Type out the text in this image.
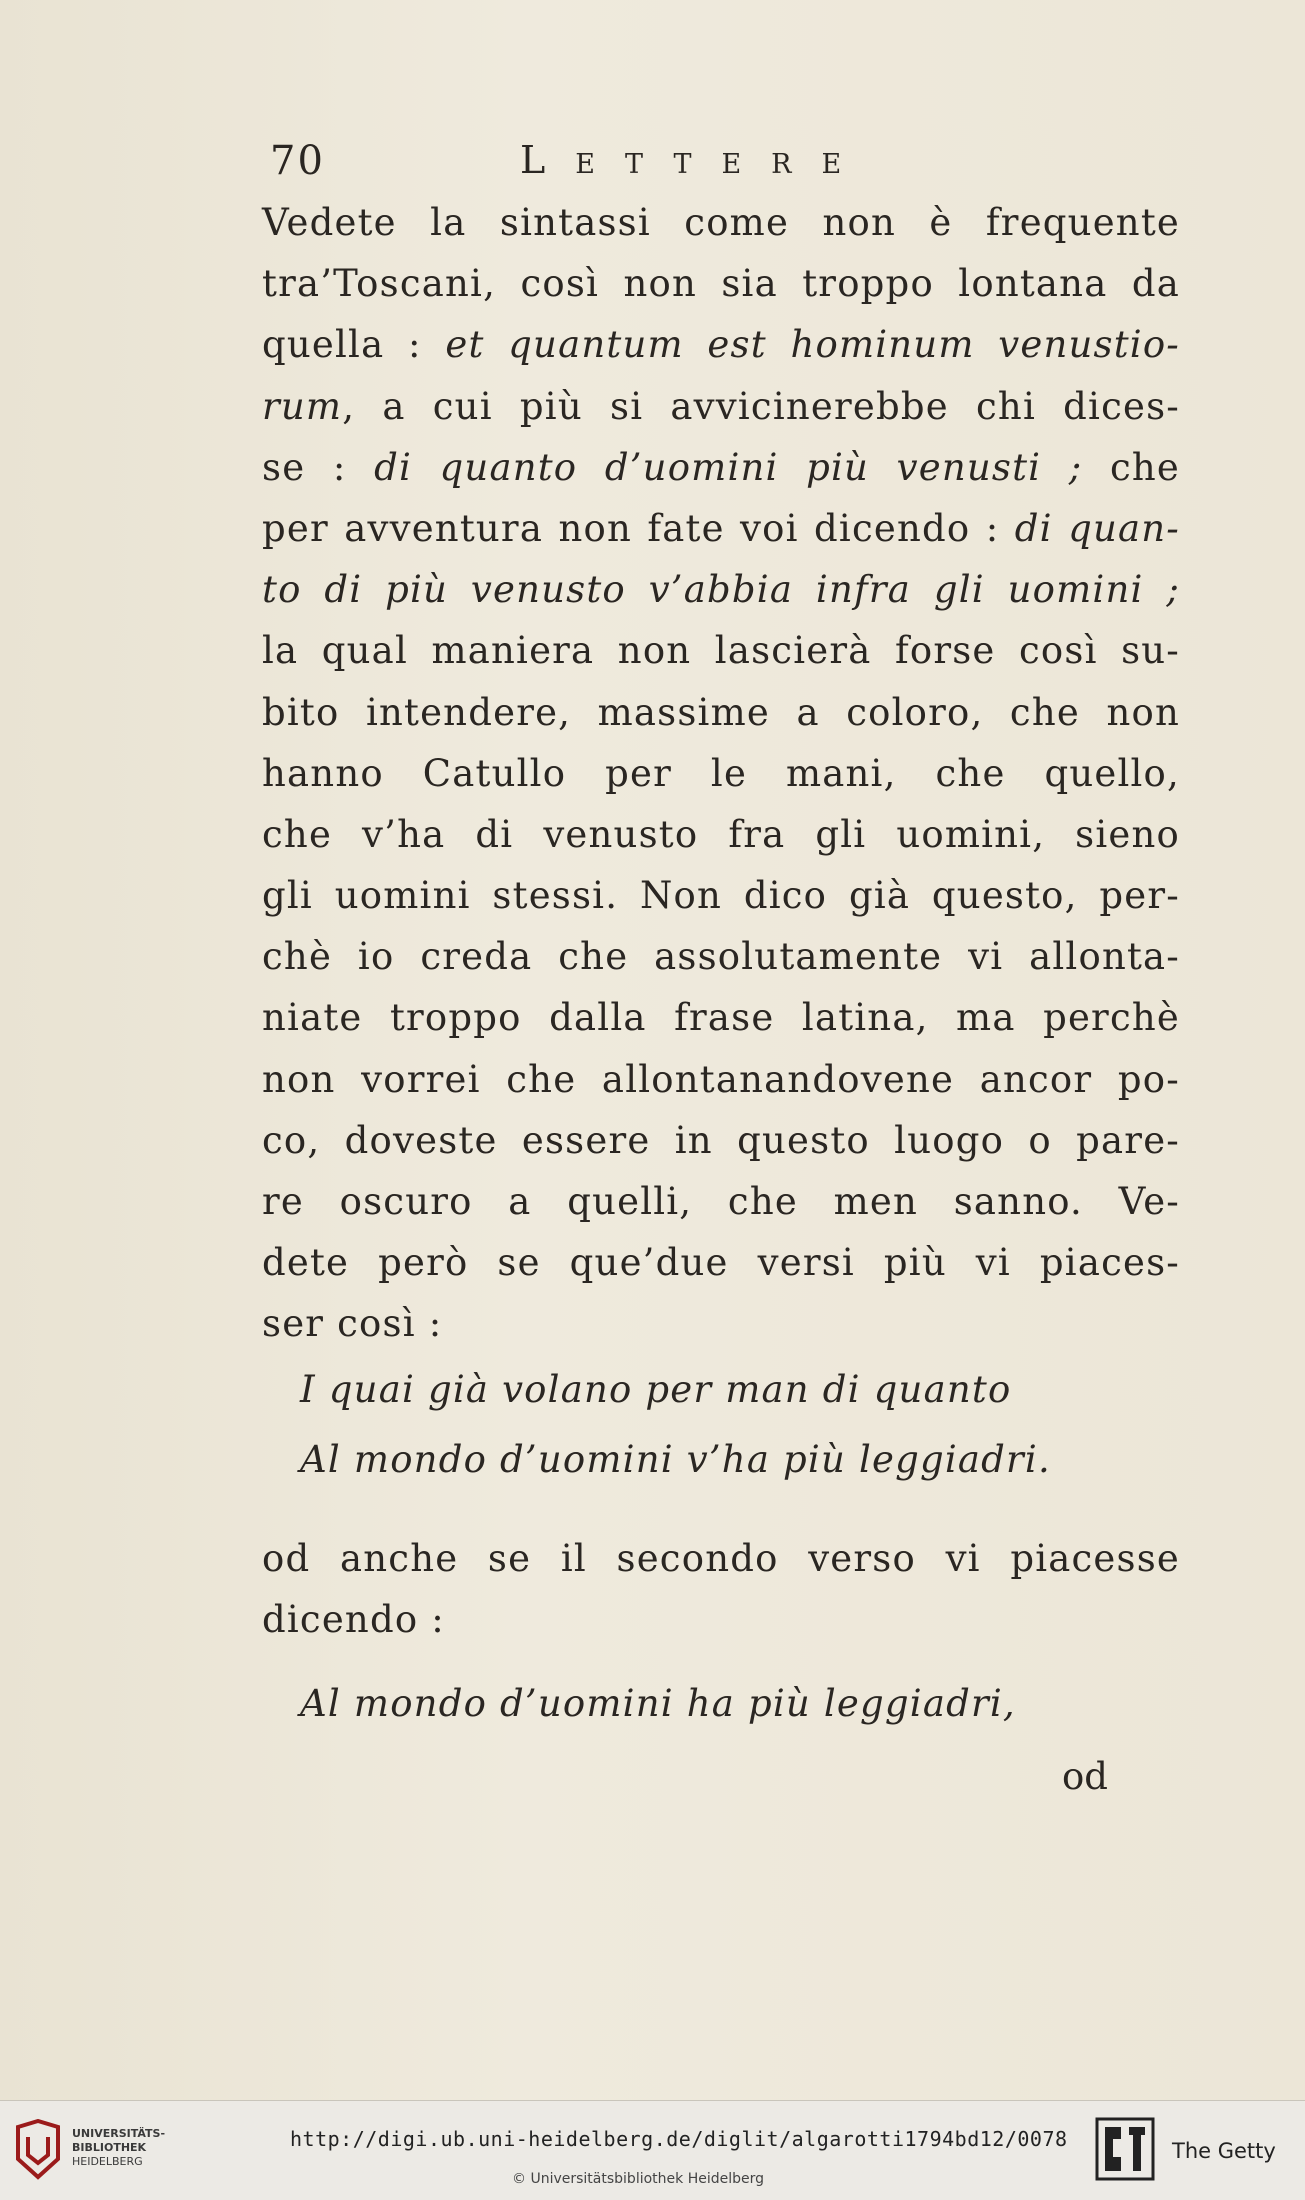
70	Lettere
Vedete la sintassi come non è frequente
tra’Toscani, così non sia troppo lontana da
quella : et quantum est hominum venustio-
rum, a cui più si avvicinerebbe chi dices-
se : di quanto d’uomini più venusti ; che
per avventura non fate voi dicendo : di quan-
to di più venusto v’abbia infra gli uomini ;
la qual maniera non lascierà forse così su-
bito intendere, massime a coloro, che non
hanno Catullo per le mani, che quello,
che v’ha di venusto fra gli uomini, sieno
gli uomini stessi. Non dico già questo, per-
chè io creda che assolutamente vi allonta-
niate troppo dalla frase latina, ma perchè
non vorrei che allontanandovene ancor po-
co, doveste essere in questo luogo o pare-
re oscuro a quelli, che men sanno. Ve-
dete però se que’due versi più vi piaces-
ser così :
I quai già volano per man di quanto
Al mondo d’uomini v’ha più leggiadri.
od anche se il secondo verso vi piacesse
dicendo :
Al mondo d’uomini ha più leggiadri,
od
UNIVERSITÄTS-
BIBLIOTHEK
HEIDELBERG
http://digi.ub.uni-heidelberg.de/diglit/algarotti1794bd12/0078
© Universitätsbibliothek Heidelberg
The Getty
